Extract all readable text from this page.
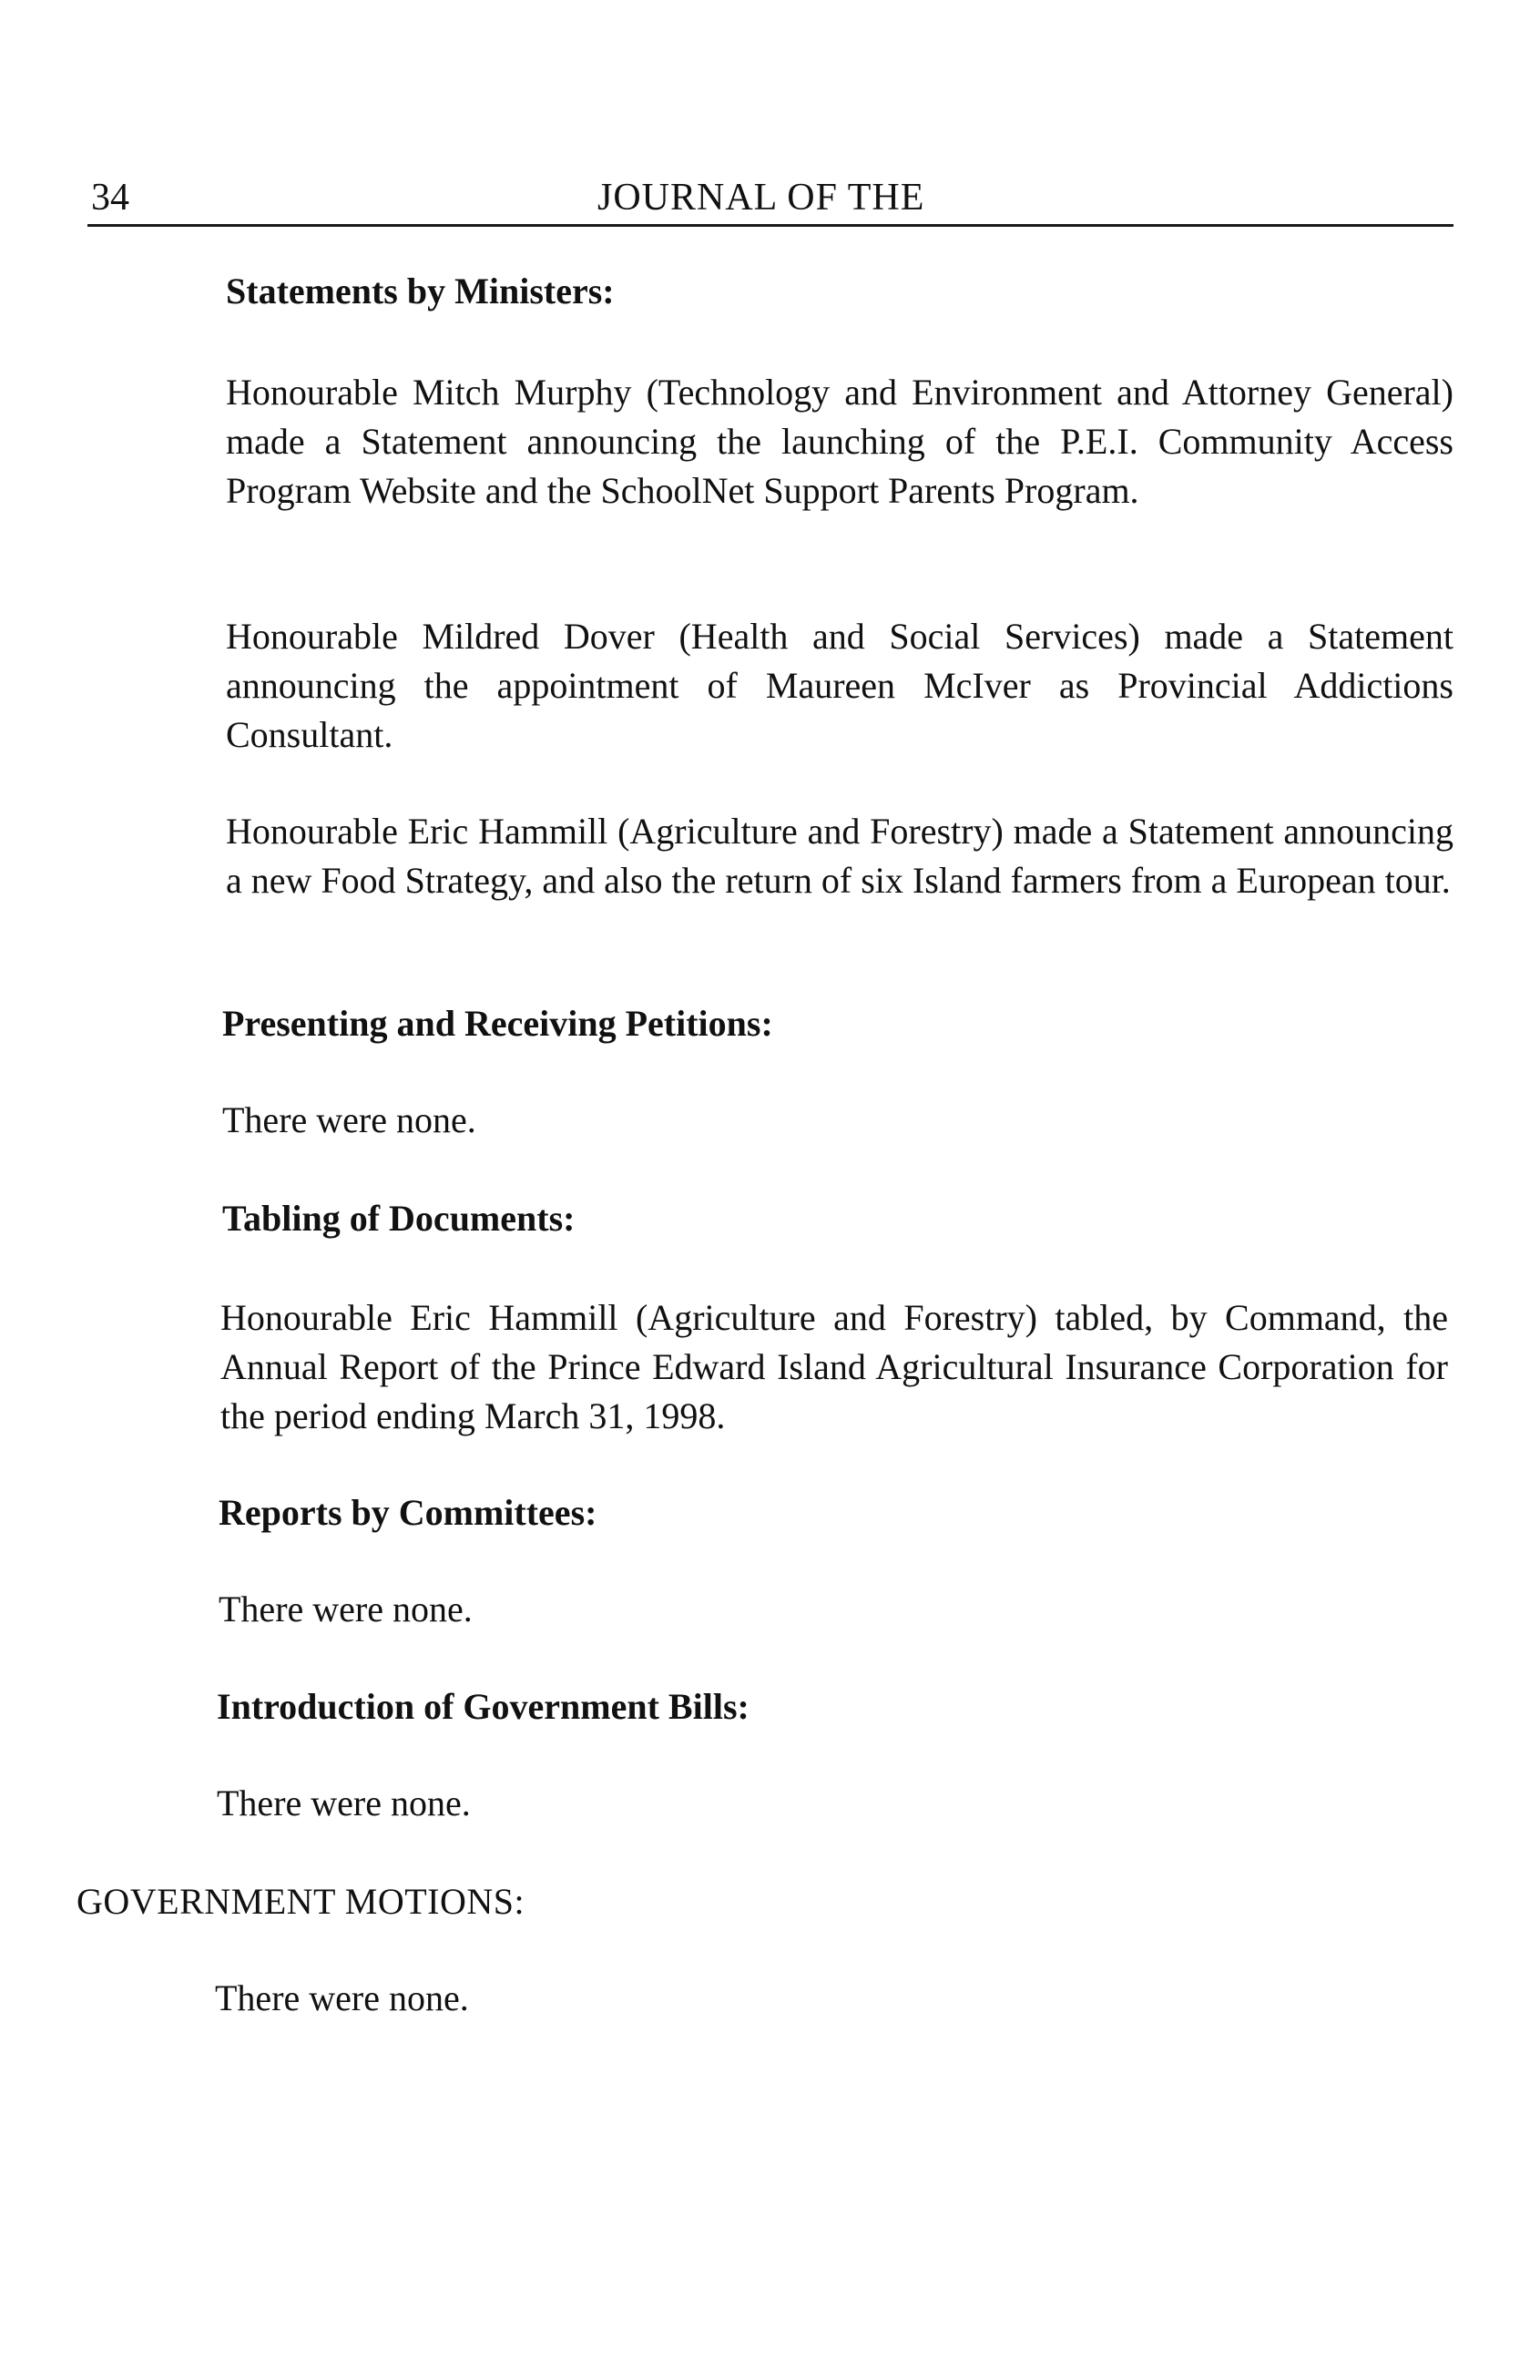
34	JOURNAL OF THE
Statements by Ministers:

Honourable Mitch Murphy (Technology and Environment and Attorney General) made a Statement announcing the launching of the P.E.I. Community Access Program Website and the SchoolNet Support Parents Program.

Honourable Mildred Dover (Health and Social Services) made a Statement announcing the appointment of Maureen McIver as Provincial Addictions Consultant.

Honourable Eric Hammill (Agriculture and Forestry) made a Statement announcing a new Food Strategy, and also the return of six Island farmers from a European tour.

Presenting and Receiving Petitions:

There were none.

Tabling of Documents:

Honourable Eric Hammill (Agriculture and Forestry) tabled, by Command, the Annual Report of the Prince Edward Island Agricultural Insurance Corporation for the period ending March 31, 1998.

Reports by Committees:

There were none.

Introduction of Government Bills:

There were none.

GOVERNMENT MOTIONS:

There were none.
